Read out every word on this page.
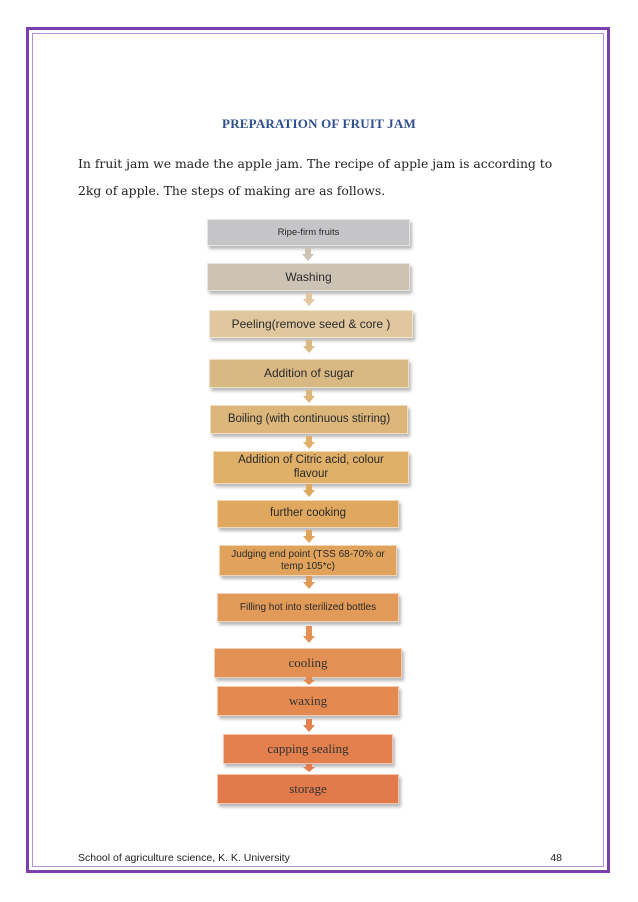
PREPARATION OF FRUIT JAM
In fruit jam we made the apple jam. The recipe of apple jam is according to 2kg of apple. The steps of making are as follows.
Ripe-firm fruits
Washing
Peeling(remove seed & core )
Addition of sugar
Boiling (with continuous stirring)
Addition of Citric acid, colour flavour
further cooking
Judging end point (TSS 68-70% or temp 105*c)
Filling hot into sterilized bottles
cooling
waxing
capping sealing
storage
School of agriculture science, K. K. University	48
